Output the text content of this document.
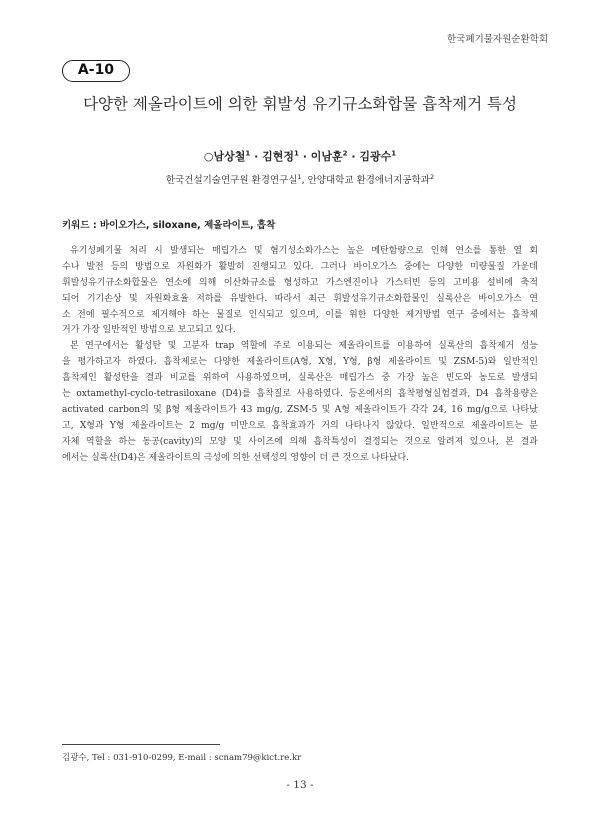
한국폐기물자원순환학회
A-10
다양한 제올라이트에 의한 휘발성 유기규소화합물 흡착제거 특성
○남상철$^1$ · 김현정$^1$ · 이남훈$^2$ · 김광수$^1$
한국건설기술연구원 환경연구실$^1$, 안양대학교 환경에너지공학과$^2$
키워드 : 바이오가스, siloxane, 제올라이트, 흡착
유기성폐기물 처리 시 발생되는 매립가스 및 혐기성소화가스는 높은 메탄함량으로 인해 연소를 통한 열 회
수나 발전 등의 방법으로 자원화가 활발히 진행되고 있다. 그러나 바이오가스 중에는 다양한 미량물질 가운데
휘발성유기규소화합물은 연소에 의해 이산화규소를 형성하고 가스엔진이나 가스터빈 등의 고비용 설비에 축적
되어 기기손상 및 자원화효율 저하를 유발한다. 따라서 최근 휘발성유기규소화합물인 실록산은 바이오가스 연
소 전에 필수적으로 제거해야 하는 물질로 인식되고 있으며, 이를 위한 다양한 제거방법 연구 중에서는 흡착제
거가 가장 일반적인 방법으로 보고되고 있다.
본 연구에서는 활성탄 및 고분자 trap 역할에 주로 이용되는 제올라이트를 이용하여 실록산의 흡착제거 성능
을 평가하고자 하였다. 흡착제로는 다양한 제올라이트(A형, X형, Y형, β형 제올라이트 및 ZSM-5)와 일반적인
흡착제인 활성탄을 결과 비교를 위하여 사용하였으며, 실록산은 매립가스 중 가장 높은 빈도와 농도로 발생되
는 oxtamethyl-cyclo-tetrasiloxane (D4)를 흡착질로 사용하였다. 등온에서의 흡착평형실험결과, D4 흡착용량은
activated carbon의 및 β형 제올라이트가 43 mg/g, ZSM-5 및 A형 제올라이트가 각각 24, 16 mg/g으로 나타났
고, X형과 Y형 제올라이트는 2 mg/g 미만으로 흡착효과가 거의 나타나지 않았다. 일반적으로 제올라이트는 분
자체 역할을 하는 동공(cavity)의 모양 및 사이즈에 의해 흡착특성이 결정되는 것으로 알려져 있으나, 본 결과
에서는 실록산(D4)은 제올라이트의 극성에 의한 선택성의 영향이 더 큰 것으로 나타났다.
김광수, Tel : 031-910-0299, E-mail : scnam79@kict.re.kr
- 13 -
